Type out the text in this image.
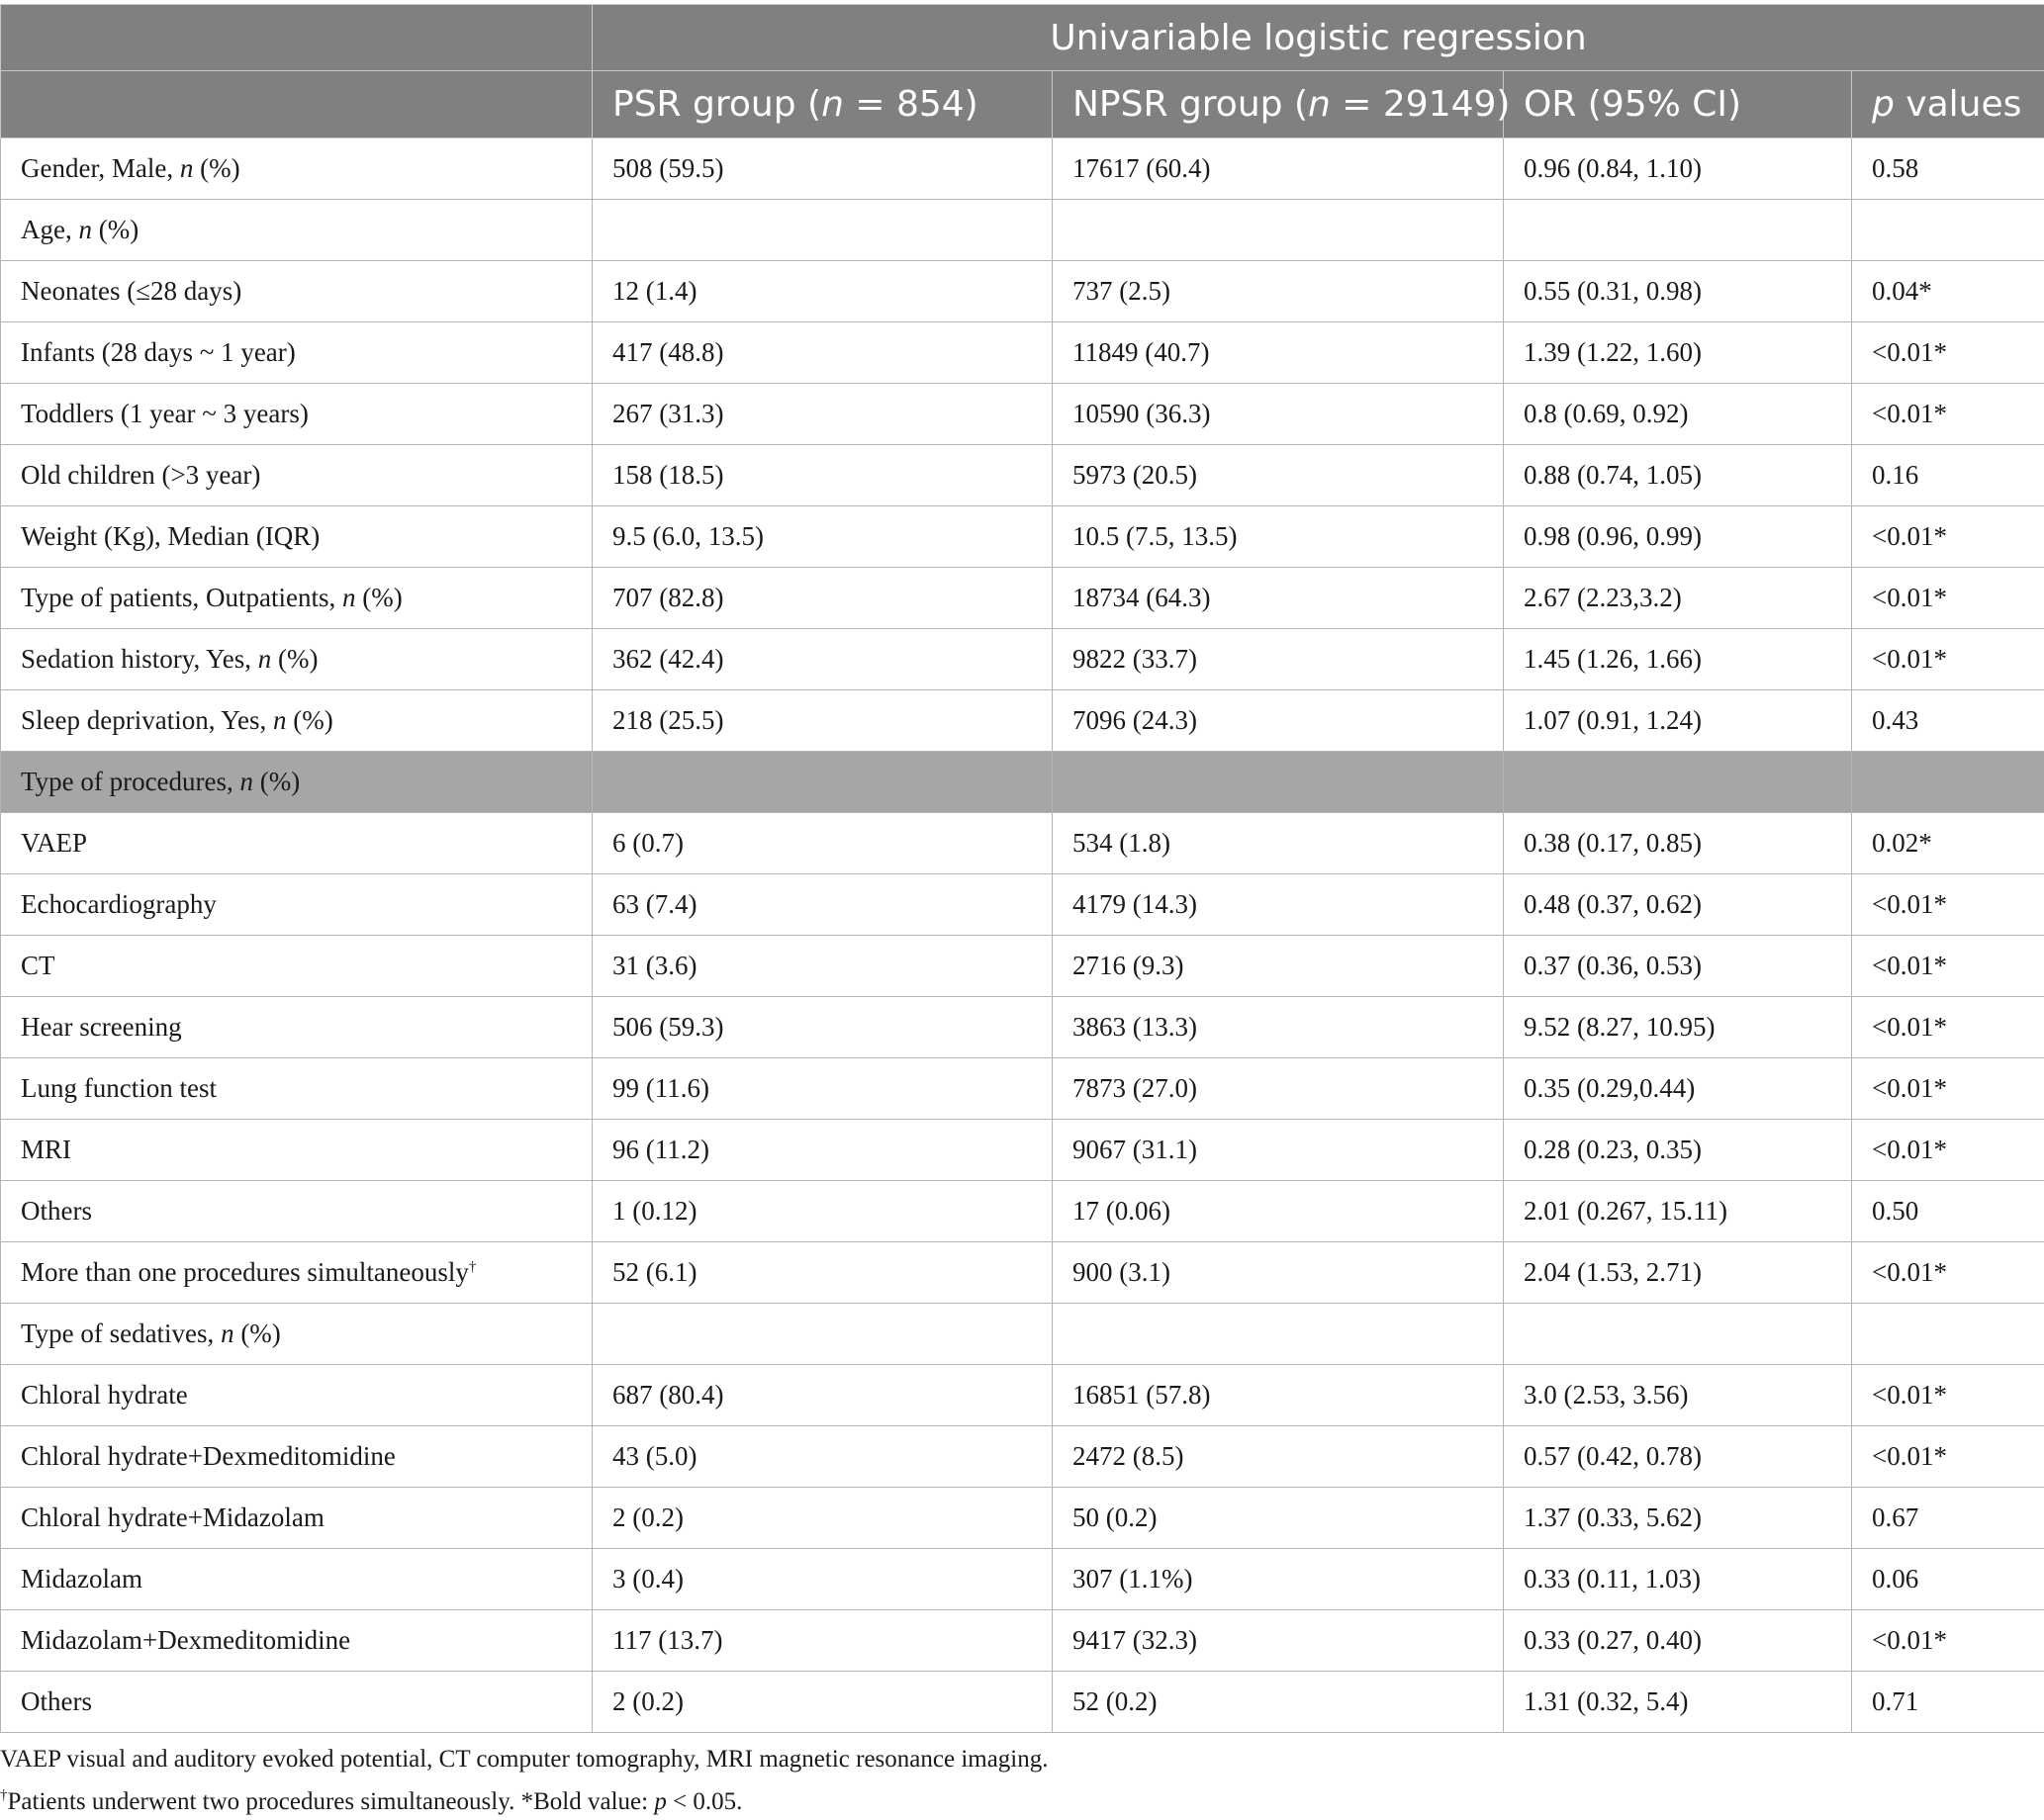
	Univariable logistic regression			
	PSR group (n = 854)	NPSR group (n = 29149)	OR (95% CI)	p values
Gender, Male, n (%)	508 (59.5)	17617 (60.4)	0.96 (0.84, 1.10)	0.58
Age, n (%)				
Neonates (≤28 days)	12 (1.4)	737 (2.5)	0.55 (0.31, 0.98)	0.04*
Infants (28 days ~ 1 year)	417 (48.8)	11849 (40.7)	1.39 (1.22, 1.60)	<0.01*
Toddlers (1 year ~ 3 years)	267 (31.3)	10590 (36.3)	0.8 (0.69, 0.92)	<0.01*
Old children (>3 year)	158 (18.5)	5973 (20.5)	0.88 (0.74, 1.05)	0.16
Weight (Kg), Median (IQR)	9.5 (6.0, 13.5)	10.5 (7.5, 13.5)	0.98 (0.96, 0.99)	<0.01*
Type of patients, Outpatients, n (%)	707 (82.8)	18734 (64.3)	2.67 (2.23,3.2)	<0.01*
Sedation history, Yes, n (%)	362 (42.4)	9822 (33.7)	1.45 (1.26, 1.66)	<0.01*
Sleep deprivation, Yes, n (%)	218 (25.5)	7096 (24.3)	1.07 (0.91, 1.24)	0.43
Type of procedures, n (%)				
VAEP	6 (0.7)	534 (1.8)	0.38 (0.17, 0.85)	0.02*
Echocardiography	63 (7.4)	4179 (14.3)	0.48 (0.37, 0.62)	<0.01*
CT	31 (3.6)	2716 (9.3)	0.37 (0.36, 0.53)	<0.01*
Hear screening	506 (59.3)	3863 (13.3)	9.52 (8.27, 10.95)	<0.01*
Lung function test	99 (11.6)	7873 (27.0)	0.35 (0.29,0.44)	<0.01*
MRI	96 (11.2)	9067 (31.1)	0.28 (0.23, 0.35)	<0.01*
Others	1 (0.12)	17 (0.06)	2.01 (0.267, 15.11)	0.50
More than one procedures simultaneously†	52 (6.1)	900 (3.1)	2.04 (1.53, 2.71)	<0.01*
Type of sedatives, n (%)				
Chloral hydrate	687 (80.4)	16851 (57.8)	3.0 (2.53, 3.56)	<0.01*
Chloral hydrate+Dexmeditomidine	43 (5.0)	2472 (8.5)	0.57 (0.42, 0.78)	<0.01*
Chloral hydrate+Midazolam	2 (0.2)	50 (0.2)	1.37 (0.33, 5.62)	0.67
Midazolam	3 (0.4)	307 (1.1%)	0.33 (0.11, 1.03)	0.06
Midazolam+Dexmeditomidine	117 (13.7)	9417 (32.3)	0.33 (0.27, 0.40)	<0.01*
Others	2 (0.2)	52 (0.2)	1.31 (0.32, 5.4)	0.71
VAEP visual and auditory evoked potential, CT computer tomography, MRI magnetic resonance imaging.
†Patients underwent two procedures simultaneously. *Bold value: p < 0.05.
